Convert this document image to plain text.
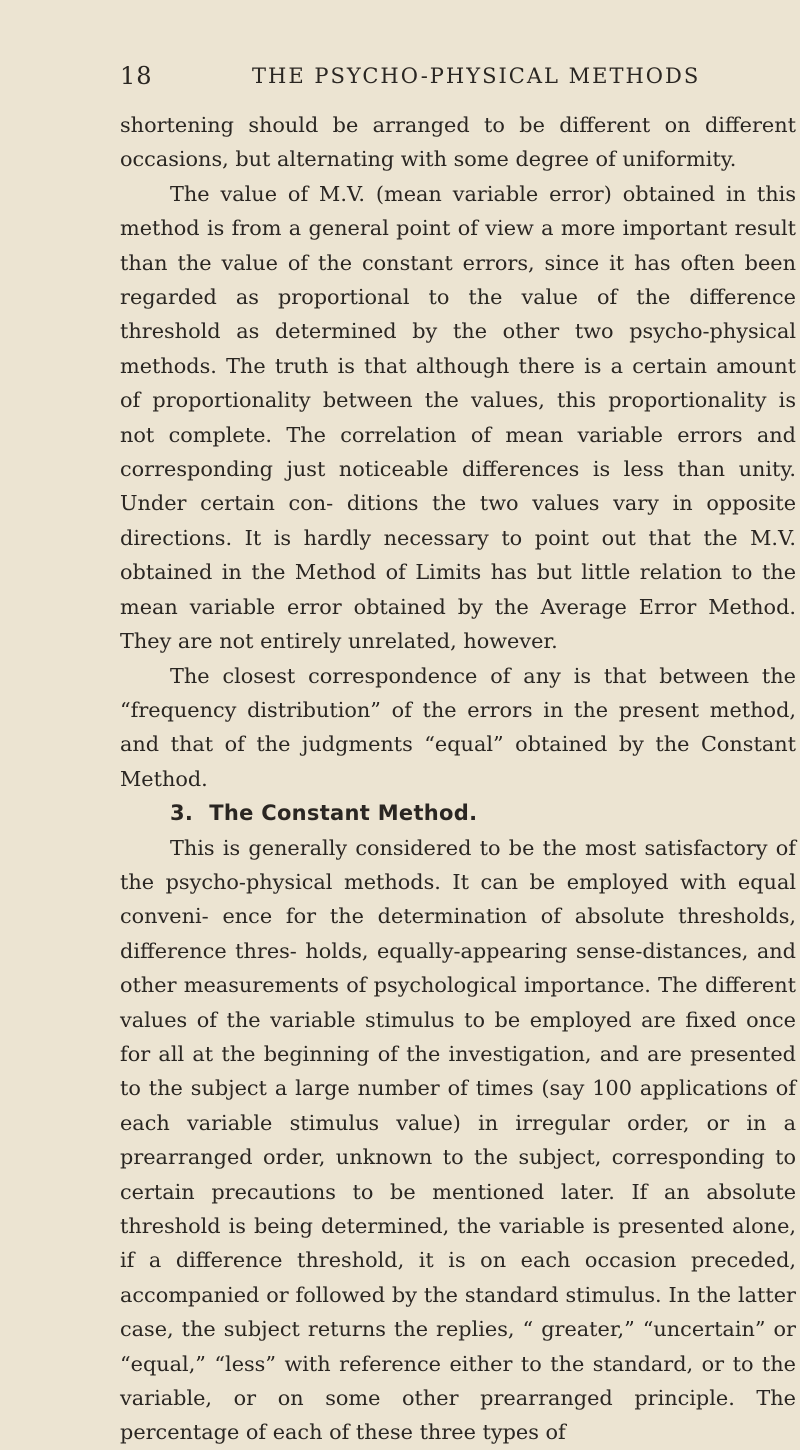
18	THE PSYCHO-PHYSICAL METHODS

shortening should be arranged to be different on different occasions, but alternating with some degree of uniformity.

The value of M.V. (mean variable error) obtained in this method is from a general point of view a more important result than the value of the constant errors, since it has often been regarded as proportional to the value of the difference threshold as determined by the other two psycho-physical methods. The truth is that although there is a certain amount of proportionality between the values, this proportionality is not complete. The correlation of mean variable errors and corresponding just noticeable differences is less than unity. Under certain con- ditions the two values vary in opposite directions. It is hardly necessary to point out that the M.V. obtained in the Method of Limits has but little relation to the mean variable error obtained by the Average Error Method. They are not entirely unrelated, however.

The closest correspondence of any is that between the “frequency distribution” of the errors in the present method, and that of the judgments “equal” obtained by the Constant Method.

3. The Constant Method.

This is generally considered to be the most satisfactory of the psycho-physical methods. It can be employed with equal conveni- ence for the determination of absolute thresholds, difference thres- holds, equally-appearing sense-distances, and other measurements of psychological importance. The different values of the variable stimulus to be employed are fixed once for all at the beginning of the investigation, and are presented to the subject a large number of times (say 100 applications of each variable stimulus value) in irregular order, or in a prearranged order, unknown to the subject, corresponding to certain precautions to be mentioned later. If an absolute threshold is being determined, the variable is presented alone, if a difference threshold, it is on each occasion preceded, accompanied or followed by the standard stimulus. In the latter case, the subject returns the replies, “ greater,” “uncertain” or “equal,” “less” with reference either to the standard, or to the variable, or on some other prearranged principle. The percentage of each of these three types of
